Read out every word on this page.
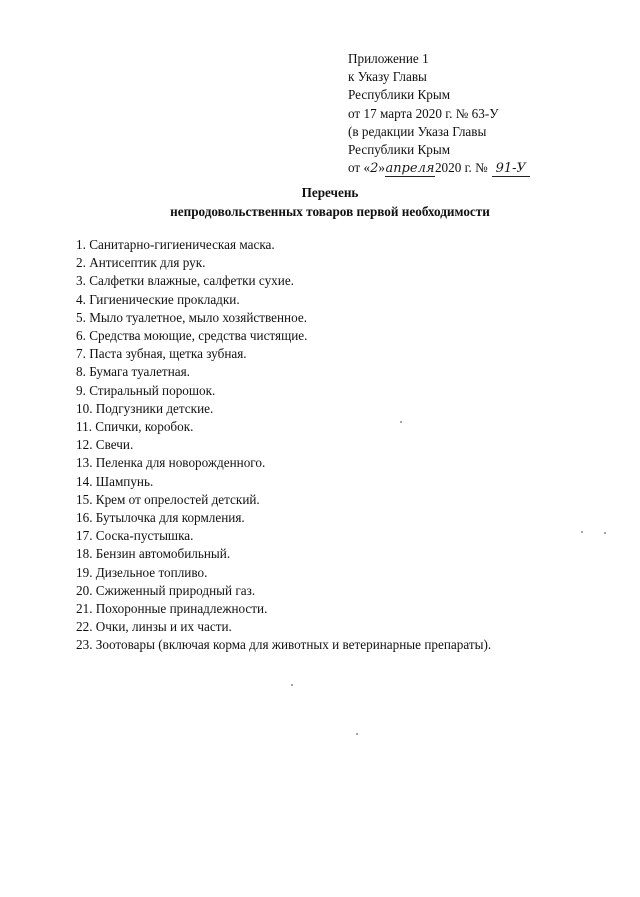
Приложение 1
к Указу Главы
Республики Крым
от 17 марта 2020 г. № 63-У
(в редакции Указа Главы
Республики Крым
от «2»апреля2020 г. № 91-У
Перечень
непродовольственных товаров первой необходимости
1. Санитарно-гигиеническая маска.
2. Антисептик для рук.
3. Салфетки влажные, салфетки сухие.
4. Гигиенические прокладки.
5. Мыло туалетное, мыло хозяйственное.
6. Средства моющие, средства чистящие.
7. Паста зубная, щетка зубная.
8. Бумага туалетная.
9. Стиральный порошок.
10. Подгузники детские.
11. Спички, коробок.
12. Свечи.
13. Пеленка для новорожденного.
14. Шампунь.
15. Крем от опрелостей детский.
16. Бутылочка для кормления.
17. Соска-пустышка.
18. Бензин автомобильный.
19. Дизельное топливо.
20. Сжиженный природный газ.
21. Похоронные принадлежности.
22. Очки, линзы и их части.
23. Зоотовары (включая корма для животных и ветеринарные препараты).
